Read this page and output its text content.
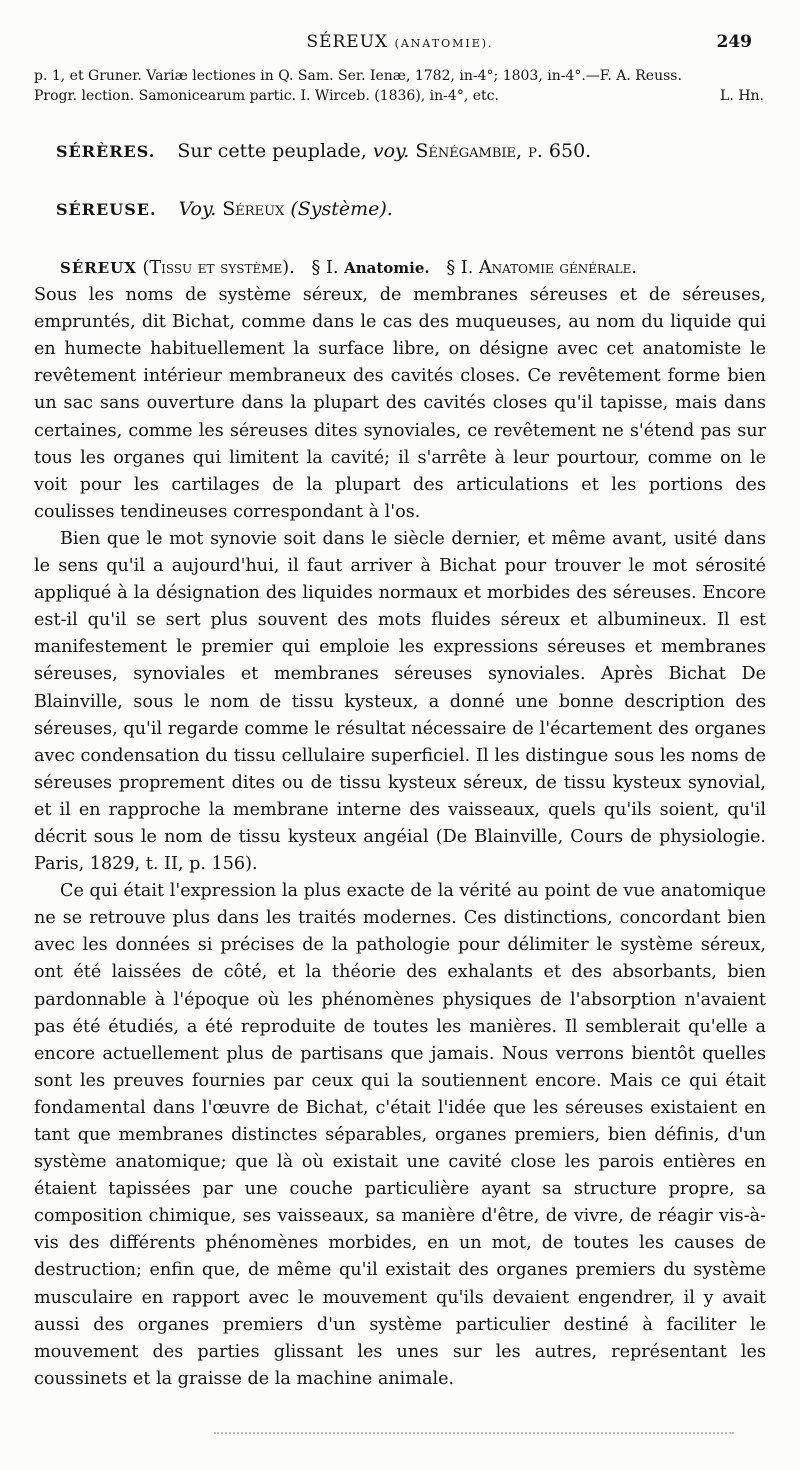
SÉREUX (ANATOMIE).	249
p. 1, et Gruner. Variæ lectiones in Q. Sam. Ser. Ienæ, 1782, in-4°; 1803, in-4°.—F. A. Reuss.
Progr. lection. Samonicearum partic. I. Wirceb. (1836), in-4°, etc.	L. Hn.
SÉRÈRES. Sur cette peuplade, voy. Sénégambie, p. 650.
SÉREUSE. Voy. Séreux (Système).
SÉREUX (Tissu et système). § I. Anatomie. § I. Anatomie générale.

Sous les noms de système séreux, de membranes séreuses et de séreuses, empruntés, dit Bichat, comme dans le cas des muqueuses, au nom du liquide qui en humecte habituellement la surface libre, on désigne avec cet anatomiste le revêtement intérieur membraneux des cavités closes. Ce revêtement forme bien un sac sans ouverture dans la plupart des cavités closes qu'il tapisse, mais dans certaines, comme les séreuses dites synoviales, ce revêtement ne s'étend pas sur tous les organes qui limitent la cavité; il s'arrête à leur pourtour, comme on le voit pour les cartilages de la plupart des articulations et les portions des coulisses tendineuses correspondant à l'os.

Bien que le mot synovie soit dans le siècle dernier, et même avant, usité dans le sens qu'il a aujourd'hui, il faut arriver à Bichat pour trouver le mot sérosité appliqué à la désignation des liquides normaux et morbides des séreuses. Encore est-il qu'il se sert plus souvent des mots fluides séreux et albumineux. Il est manifestement le premier qui emploie les expressions séreuses et membranes séreuses, synoviales et membranes séreuses synoviales. Après Bichat De Blainville, sous le nom de tissu kysteux, a donné une bonne description des séreuses, qu'il regarde comme le résultat nécessaire de l'écartement des organes avec condensation du tissu cellulaire superficiel. Il les distingue sous les noms de séreuses proprement dites ou de tissu kysteux séreux, de tissu kysteux synovial, et il en rapproche la membrane interne des vaisseaux, quels qu'ils soient, qu'il décrit sous le nom de tissu kysteux angéial (De Blainville, Cours de physiologie. Paris, 1829, t. II, p. 156).

Ce qui était l'expression la plus exacte de la vérité au point de vue anatomique ne se retrouve plus dans les traités modernes. Ces distinctions, concordant bien avec les données si précises de la pathologie pour délimiter le système séreux, ont été laissées de côté, et la théorie des exhalants et des absorbants, bien pardonnable à l'époque où les phénomènes physiques de l'absorption n'avaient pas été étudiés, a été reproduite de toutes les manières. Il semblerait qu'elle a encore actuellement plus de partisans que jamais. Nous verrons bientôt quelles sont les preuves fournies par ceux qui la soutiennent encore. Mais ce qui était fondamental dans l'œuvre de Bichat, c'était l'idée que les séreuses existaient en tant que membranes distinctes séparables, organes premiers, bien définis, d'un système anatomique; que là où existait une cavité close les parois entières en étaient tapissées par une couche particulière ayant sa structure propre, sa composition chimique, ses vaisseaux, sa manière d'être, de vivre, de réagir vis-à-vis des différents phénomènes morbides, en un mot, de toutes les causes de destruction; enfin que, de même qu'il existait des organes premiers du système musculaire en rapport avec le mouvement qu'ils devaient engendrer, il y avait aussi des organes premiers d'un système particulier destiné à faciliter le mouvement des parties glissant les unes sur les autres, représentant les coussinets et la graisse de la machine animale.
